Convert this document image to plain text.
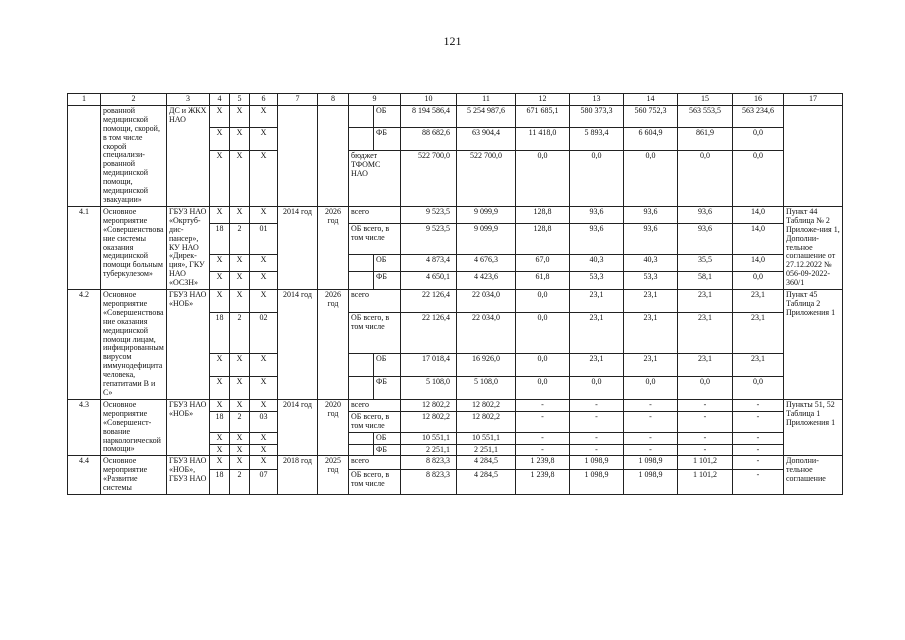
121
1	2	3	4	5	6	7	8	9		10	11	12	13	14	15	16	17
	рованной медицинской помощи, скорой, в том числе скорой специализи-рованной медицинской помощи, медицинской эвакуации»	ДС и ЖКХ НАО	Х	Х	Х				ОБ	8 194 586,4	5 254 987,6	671 685,1	580 373,3	560 752,3	563 553,5	563 234,6	
			Х	Х	Х				ФБ	88 682,6	63 904,4	11 418,0	5 893,4	6 604,9	861,9	0,0	
			Х	Х	Х			бюджет ТФОМС НАО		522 700,0	522 700,0	0,0	0,0	0,0	0,0	0,0	
4.1	Основное мероприятие «Совершенствова ние системы оказания медицинской помощи больным туберкулезом»	ГБУЗ НАО «Окртуб-дис-пансер», КУ НАО «Дирек-ция», ГКУ НАО «ОСЗН»	Х	Х	Х	2014 год	2026 год	всего		9 523,5	9 099,9	128,8	93,6	93,6	93,6	14,0	Пункт 44 Таблица № 2 Приложе-ния 1, Дополни-тельное соглашение от 27.12.2022 № 056-09-2022-360/1
			18	2	01			ОБ всего, в том числе		9 523,5	9 099,9	128,8	93,6	93,6	93,6	14,0	
			Х	Х	Х				ОБ	4 873,4	4 676,3	67,0	40,3	40,3	35,5	14,0	
			Х	Х	Х				ФБ	4 650,1	4 423,6	61,8	53,3	53,3	58,1	0,0	
4.2	Основное мероприятие «Совершенствова ние оказания медицинской помощи лицам, инфицированным вирусом иммунодефицита человека, гепатитами В и С»	ГБУЗ НАО «НОБ»	Х	Х	Х	2014 год	2026 год	всего		22 126,4	22 034,0	0,0	23,1	23,1	23,1	23,1	Пункт 45 Таблица 2 Приложения 1
			18	2	02			ОБ всего, в том числе		22 126,4	22 034,0	0,0	23,1	23,1	23,1	23,1	
			Х	Х	Х				ОБ	17 018,4	16 926,0	0,0	23,1	23,1	23,1	23,1	
			Х	Х	Х				ФБ	5 108,0	5 108,0	0,0	0,0	0,0	0,0	0,0	
4.3	Основное мероприятие «Совершенст-вование наркологической помощи»	ГБУЗ НАО «НОБ»	Х	Х	Х	2014 год	2020 год	всего		12 802,2	12 802,2	-	-	-	-	-	Пункты 51, 52 Таблица 1 Приложения 1
			18	2	03			ОБ всего, в том числе		12 802,2	12 802,2	-	-	-	-	-	
			Х	Х	Х				ОБ	10 551,1	10 551,1	-	-	-	-	-	
			Х	Х	Х				ФБ	2 251,1	2 251,1	-	-	-	-	-	
4.4	Основное мероприятие «Развитие системы	ГБУЗ НАО «НОБ», ГБУЗ НАО	Х	Х	Х	2018 год	2025 год	всего		8 823,3	4 284,5	1 239,8	1 098,9	1 098,9	1 101,2	-	Дополни-тельное соглашение
			18	2	07			ОБ всего, в том числе		8 823,3	4 284,5	1 239,8	1 098,9	1 098,9	1 101,2	-	
